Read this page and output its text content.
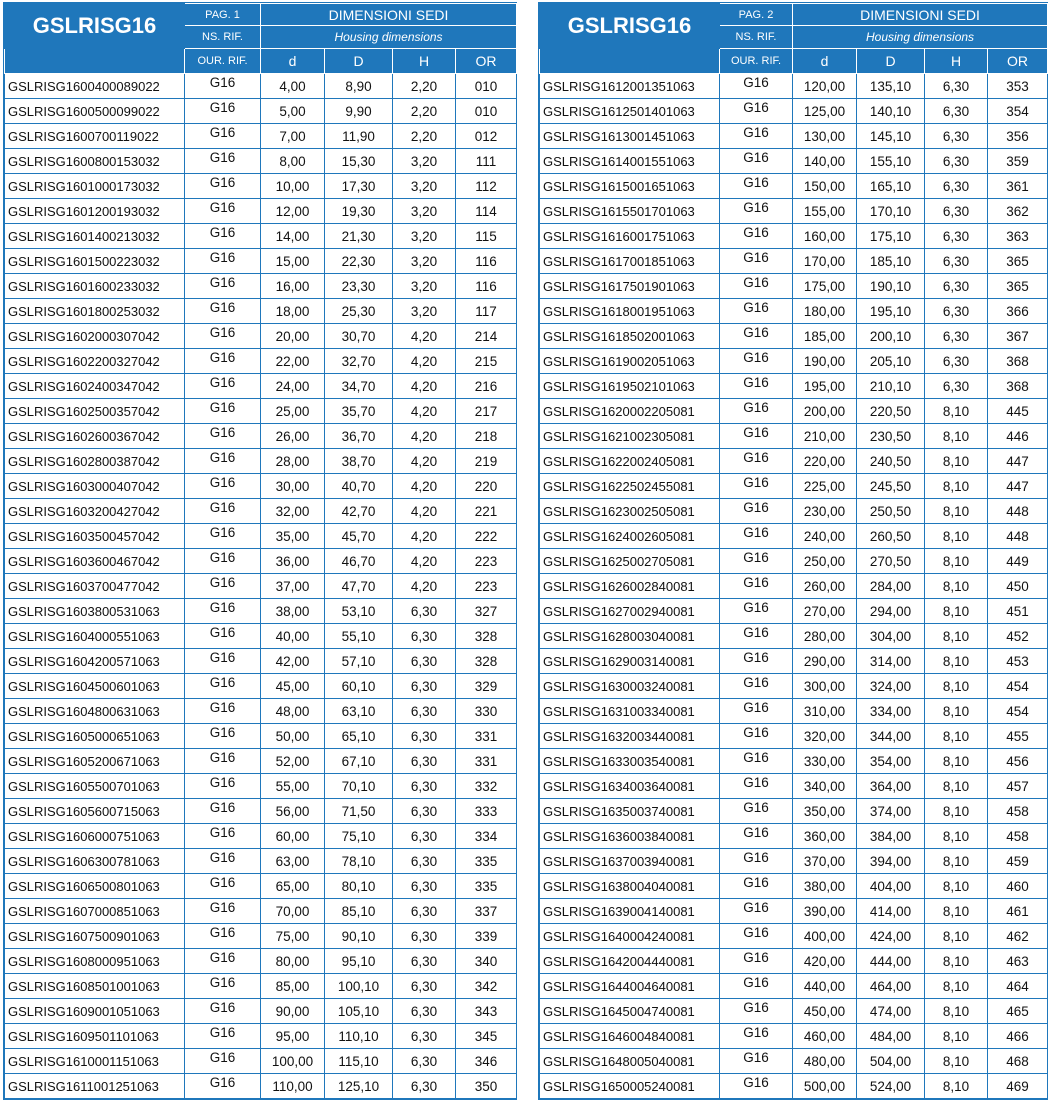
GSLRISG16	PAG. 1	DIMENSIONI SEDI			
	NS. RIF.	Housing dimensions			
	OUR. RIF.	d	D	H	OR
GSLRISG1600400089022	G16	4,00	8,90	2,20	010
GSLRISG1600500099022	G16	5,00	9,90	2,20	010
GSLRISG1600700119022	G16	7,00	11,90	2,20	012
GSLRISG1600800153032	G16	8,00	15,30	3,20	111
GSLRISG1601000173032	G16	10,00	17,30	3,20	112
GSLRISG1601200193032	G16	12,00	19,30	3,20	114
GSLRISG1601400213032	G16	14,00	21,30	3,20	115
GSLRISG1601500223032	G16	15,00	22,30	3,20	116
GSLRISG1601600233032	G16	16,00	23,30	3,20	116
GSLRISG1601800253032	G16	18,00	25,30	3,20	117
GSLRISG1602000307042	G16	20,00	30,70	4,20	214
GSLRISG1602200327042	G16	22,00	32,70	4,20	215
GSLRISG1602400347042	G16	24,00	34,70	4,20	216
GSLRISG1602500357042	G16	25,00	35,70	4,20	217
GSLRISG1602600367042	G16	26,00	36,70	4,20	218
GSLRISG1602800387042	G16	28,00	38,70	4,20	219
GSLRISG1603000407042	G16	30,00	40,70	4,20	220
GSLRISG1603200427042	G16	32,00	42,70	4,20	221
GSLRISG1603500457042	G16	35,00	45,70	4,20	222
GSLRISG1603600467042	G16	36,00	46,70	4,20	223
GSLRISG1603700477042	G16	37,00	47,70	4,20	223
GSLRISG1603800531063	G16	38,00	53,10	6,30	327
GSLRISG1604000551063	G16	40,00	55,10	6,30	328
GSLRISG1604200571063	G16	42,00	57,10	6,30	328
GSLRISG1604500601063	G16	45,00	60,10	6,30	329
GSLRISG1604800631063	G16	48,00	63,10	6,30	330
GSLRISG1605000651063	G16	50,00	65,10	6,30	331
GSLRISG1605200671063	G16	52,00	67,10	6,30	331
GSLRISG1605500701063	G16	55,00	70,10	6,30	332
GSLRISG1605600715063	G16	56,00	71,50	6,30	333
GSLRISG1606000751063	G16	60,00	75,10	6,30	334
GSLRISG1606300781063	G16	63,00	78,10	6,30	335
GSLRISG1606500801063	G16	65,00	80,10	6,30	335
GSLRISG1607000851063	G16	70,00	85,10	6,30	337
GSLRISG1607500901063	G16	75,00	90,10	6,30	339
GSLRISG1608000951063	G16	80,00	95,10	6,30	340
GSLRISG1608501001063	G16	85,00	100,10	6,30	342
GSLRISG1609001051063	G16	90,00	105,10	6,30	343
GSLRISG1609501101063	G16	95,00	110,10	6,30	345
GSLRISG1610001151063	G16	100,00	115,10	6,30	346
GSLRISG1611001251063	G16	110,00	125,10	6,30	350
GSLRISG16	PAG. 2	DIMENSIONI SEDI			
	NS. RIF.	Housing dimensions			
	OUR. RIF.	d	D	H	OR
GSLRISG1612001351063	G16	120,00	135,10	6,30	353
GSLRISG1612501401063	G16	125,00	140,10	6,30	354
GSLRISG1613001451063	G16	130,00	145,10	6,30	356
GSLRISG1614001551063	G16	140,00	155,10	6,30	359
GSLRISG1615001651063	G16	150,00	165,10	6,30	361
GSLRISG1615501701063	G16	155,00	170,10	6,30	362
GSLRISG1616001751063	G16	160,00	175,10	6,30	363
GSLRISG1617001851063	G16	170,00	185,10	6,30	365
GSLRISG1617501901063	G16	175,00	190,10	6,30	365
GSLRISG1618001951063	G16	180,00	195,10	6,30	366
GSLRISG1618502001063	G16	185,00	200,10	6,30	367
GSLRISG1619002051063	G16	190,00	205,10	6,30	368
GSLRISG1619502101063	G16	195,00	210,10	6,30	368
GSLRISG1620002205081	G16	200,00	220,50	8,10	445
GSLRISG1621002305081	G16	210,00	230,50	8,10	446
GSLRISG1622002405081	G16	220,00	240,50	8,10	447
GSLRISG1622502455081	G16	225,00	245,50	8,10	447
GSLRISG1623002505081	G16	230,00	250,50	8,10	448
GSLRISG1624002605081	G16	240,00	260,50	8,10	448
GSLRISG1625002705081	G16	250,00	270,50	8,10	449
GSLRISG1626002840081	G16	260,00	284,00	8,10	450
GSLRISG1627002940081	G16	270,00	294,00	8,10	451
GSLRISG1628003040081	G16	280,00	304,00	8,10	452
GSLRISG1629003140081	G16	290,00	314,00	8,10	453
GSLRISG1630003240081	G16	300,00	324,00	8,10	454
GSLRISG1631003340081	G16	310,00	334,00	8,10	454
GSLRISG1632003440081	G16	320,00	344,00	8,10	455
GSLRISG1633003540081	G16	330,00	354,00	8,10	456
GSLRISG1634003640081	G16	340,00	364,00	8,10	457
GSLRISG1635003740081	G16	350,00	374,00	8,10	458
GSLRISG1636003840081	G16	360,00	384,00	8,10	458
GSLRISG1637003940081	G16	370,00	394,00	8,10	459
GSLRISG1638004040081	G16	380,00	404,00	8,10	460
GSLRISG1639004140081	G16	390,00	414,00	8,10	461
GSLRISG1640004240081	G16	400,00	424,00	8,10	462
GSLRISG1642004440081	G16	420,00	444,00	8,10	463
GSLRISG1644004640081	G16	440,00	464,00	8,10	464
GSLRISG1645004740081	G16	450,00	474,00	8,10	465
GSLRISG1646004840081	G16	460,00	484,00	8,10	466
GSLRISG1648005040081	G16	480,00	504,00	8,10	468
GSLRISG1650005240081	G16	500,00	524,00	8,10	469
